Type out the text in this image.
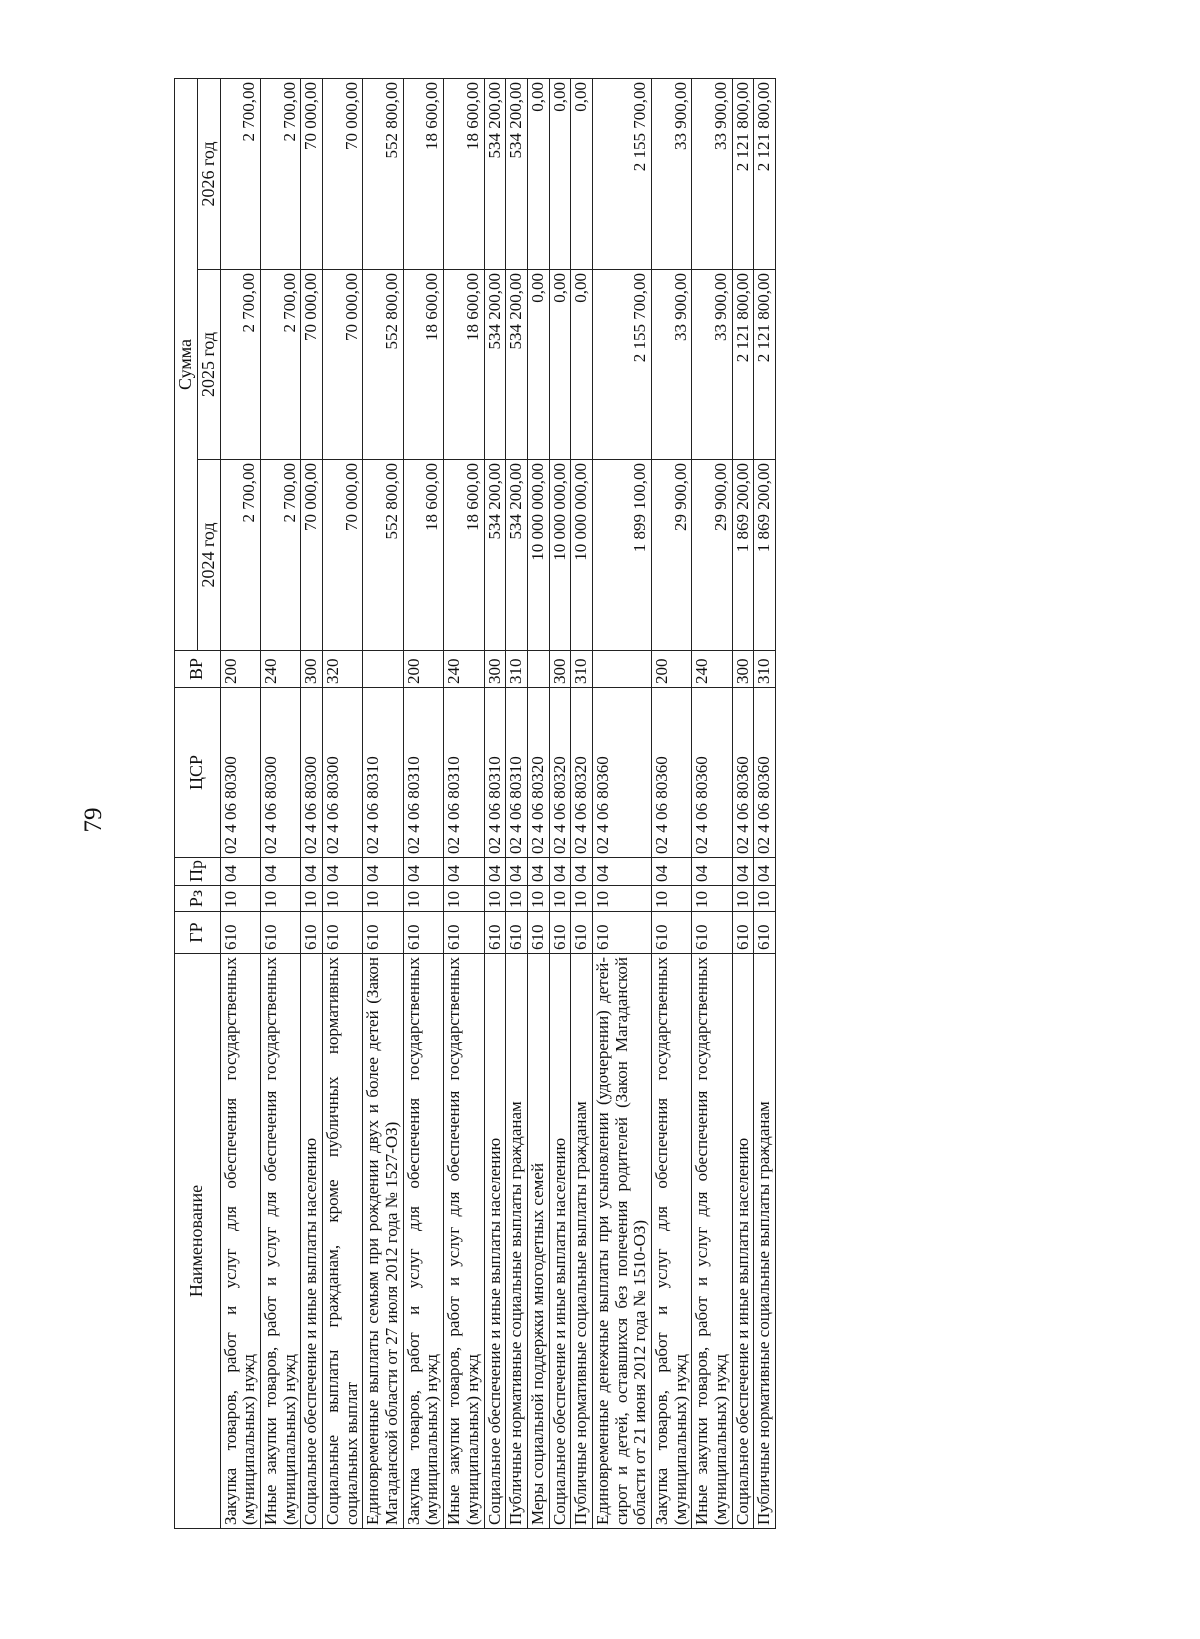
79
Наименование	ГР	Рз	Пр	ЦСР	ВР	Сумма		
						2024 год	2025 год	2026 год
Закупка товаров, работ и услуг для обеспечения государственных (муниципальных) нужд	610	10	04	02 4 06 80300	200	2 700,00	2 700,00	2 700,00
Иные закупки товаров, работ и услуг для обеспечения государственных (муниципальных) нужд	610	10	04	02 4 06 80300	240	2 700,00	2 700,00	2 700,00
Социальное обеспечение и иные выплаты населению	610	10	04	02 4 06 80300	300	70 000,00	70 000,00	70 000,00
Социальные выплаты гражданам, кроме публичных нормативных социальных выплат	610	10	04	02 4 06 80300	320	70 000,00	70 000,00	70 000,00
Единовременные выплаты семьям при рождении двух и более детей (Закон Магаданской области от 27 июля 2012 года № 1527-ОЗ)	610	10	04	02 4 06 80310		552 800,00	552 800,00	552 800,00
Закупка товаров, работ и услуг для обеспечения государственных (муниципальных) нужд	610	10	04	02 4 06 80310	200	18 600,00	18 600,00	18 600,00
Иные закупки товаров, работ и услуг для обеспечения государственных (муниципальных) нужд	610	10	04	02 4 06 80310	240	18 600,00	18 600,00	18 600,00
Социальное обеспечение и иные выплаты населению	610	10	04	02 4 06 80310	300	534 200,00	534 200,00	534 200,00
Публичные нормативные социальные выплаты гражданам	610	10	04	02 4 06 80310	310	534 200,00	534 200,00	534 200,00
Меры социальной поддержки многодетных семей	610	10	04	02 4 06 80320		10 000 000,00	0,00	0,00
Социальное обеспечение и иные выплаты населению	610	10	04	02 4 06 80320	300	10 000 000,00	0,00	0,00
Публичные нормативные социальные выплаты гражданам	610	10	04	02 4 06 80320	310	10 000 000,00	0,00	0,00
Единовременные денежные выплаты при усыновлении (удочерении) детей-сирот и детей, оставшихся без попечения родителей (Закон Магаданской области от 21 июня 2012 года № 1510-ОЗ)	610	10	04	02 4 06 80360		1 899 100,00	2 155 700,00	2 155 700,00
Закупка товаров, работ и услуг для обеспечения государственных (муниципальных) нужд	610	10	04	02 4 06 80360	200	29 900,00	33 900,00	33 900,00
Иные закупки товаров, работ и услуг для обеспечения государственных (муниципальных) нужд	610	10	04	02 4 06 80360	240	29 900,00	33 900,00	33 900,00
Социальное обеспечение и иные выплаты населению	610	10	04	02 4 06 80360	300	1 869 200,00	2 121 800,00	2 121 800,00
Публичные нормативные социальные выплаты гражданам	610	10	04	02 4 06 80360	310	1 869 200,00	2 121 800,00	2 121 800,00
